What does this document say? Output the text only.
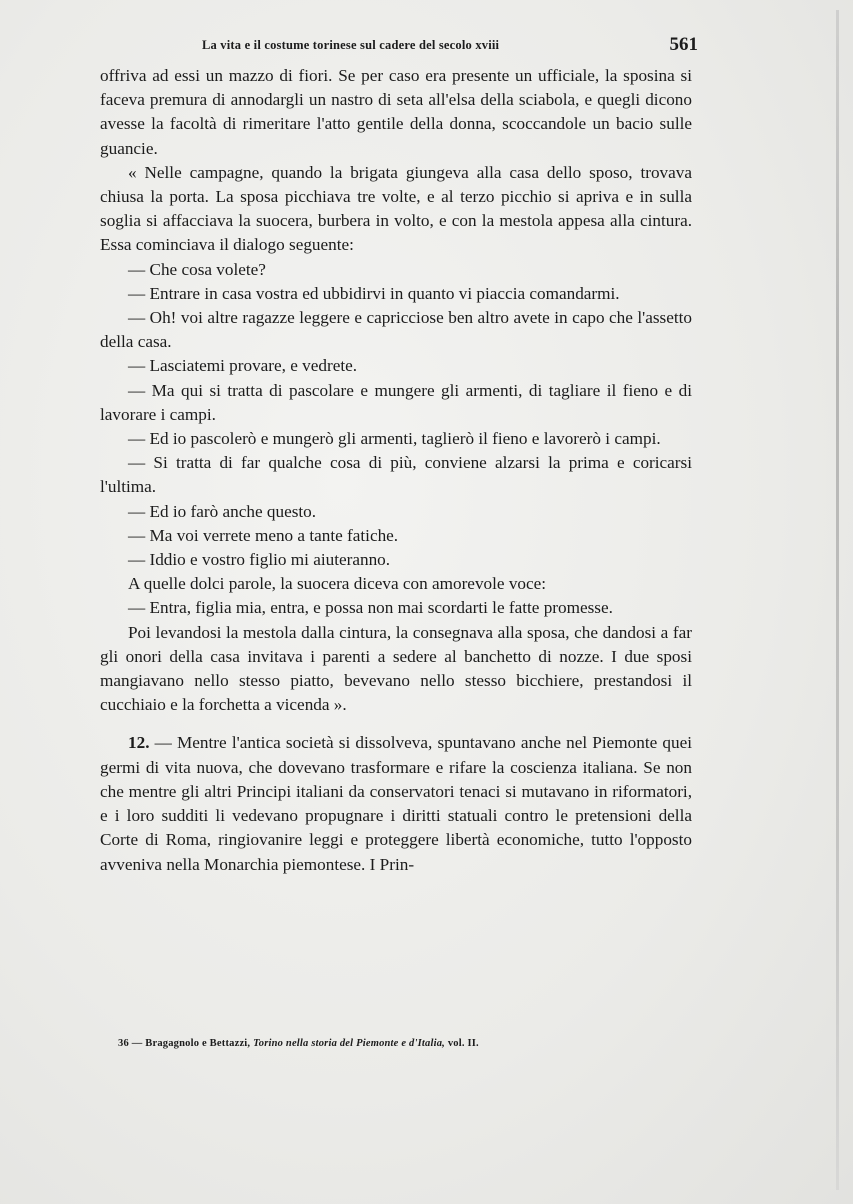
La vita e il costume torinese sul cadere del secolo xviii	561

offriva ad essi un mazzo di fiori. Se per caso era presente un ufficiale, la sposina si faceva premura di annodargli un nastro di seta all'elsa della sciabola, e quegli dicono avesse la facoltà di rimeritare l'atto gentile della donna, scoccandole un bacio sulle guancie.

« Nelle campagne, quando la brigata giungeva alla casa dello sposo, trovava chiusa la porta. La sposa picchiava tre volte, e al terzo picchio si apriva e in sulla soglia si affacciava la suocera, burbera in volto, e con la mestola appesa alla cintura. Essa cominciava il dialogo seguente:

— Che cosa volete?

— Entrare in casa vostra ed ubbidirvi in quanto vi piaccia comandarmi.

— Oh! voi altre ragazze leggere e capricciose ben altro avete in capo che l'assetto della casa.

— Lasciatemi provare, e vedrete.

— Ma qui si tratta di pascolare e mungere gli armenti, di tagliare il fieno e di lavorare i campi.

— Ed io pascolerò e mungerò gli armenti, taglierò il fieno e lavorerò i campi.

— Si tratta di far qualche cosa di più, conviene alzarsi la prima e coricarsi l'ultima.

— Ed io farò anche questo.

— Ma voi verrete meno a tante fatiche.

— Iddio e vostro figlio mi aiuteranno.

A quelle dolci parole, la suocera diceva con amorevole voce:

— Entra, figlia mia, entra, e possa non mai scordarti le fatte promesse.

Poi levandosi la mestola dalla cintura, la consegnava alla sposa, che dandosi a far gli onori della casa invitava i parenti a sedere al banchetto di nozze. I due sposi mangiavano nello stesso piatto, bevevano nello stesso bicchiere, prestandosi il cucchiaio e la forchetta a vicenda ».

12. — Mentre l'antica società si dissolveva, spuntavano anche nel Piemonte quei germi di vita nuova, che dovevano trasformare e rifare la coscienza italiana. Se non che mentre gli altri Principi italiani da conservatori tenaci si mutavano in riformatori, e i loro sudditi li vedevano propugnare i diritti statuali contro le pretensioni della Corte di Roma, ringiovanire leggi e proteggere libertà economiche, tutto l'opposto avveniva nella Monarchia piemontese. I Prin-

36 — Bragagnolo e Bettazzi, Torino nella storia del Piemonte e d'Italia, vol. II.
